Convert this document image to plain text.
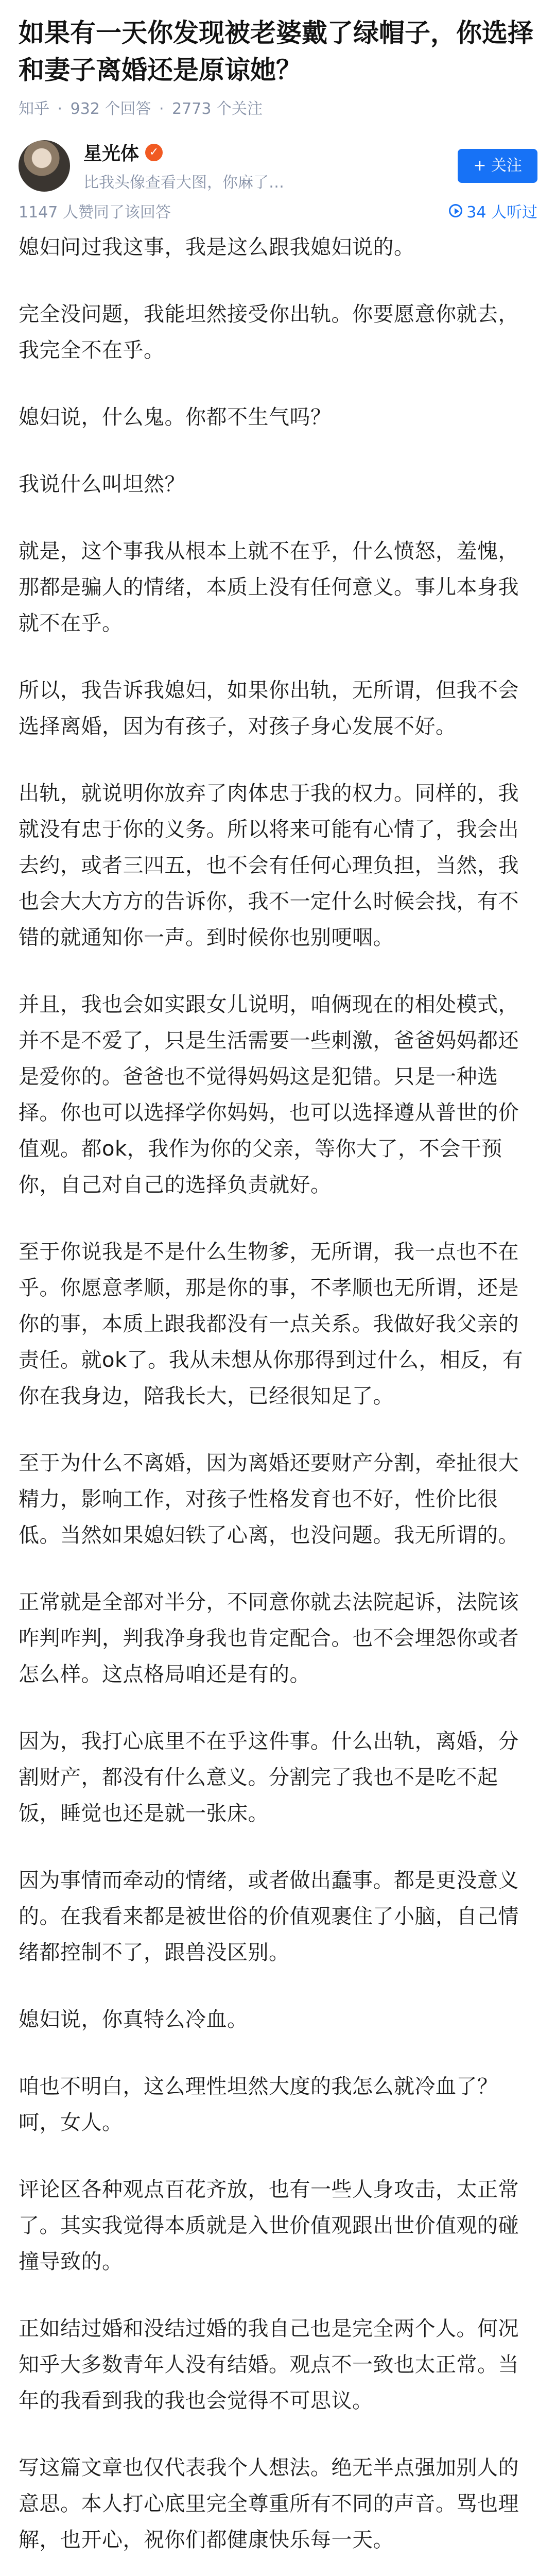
如果有一天你发现被老婆戴了绿帽子，你选择和妻子离婚还是原谅她？
知乎 · 932 个回答 · 2773 个关注
星光体 ✓
比我头像查看大图，你麻了…
+ 关注
1147 人赞同了该回答	34 人听过

媳妇问过我这事，我是这么跟我媳妇说的。

完全没问题，我能坦然接受你出轨。你要愿意你就去，我完全不在乎。

媳妇说，什么鬼。你都不生气吗？

我说什么叫坦然？

就是，这个事我从根本上就不在乎，什么愤怒，羞愧，那都是骗人的情绪，本质上没有任何意义。事儿本身我就不在乎。

所以，我告诉我媳妇，如果你出轨，无所谓，但我不会选择离婚，因为有孩子，对孩子身心发展不好。

出轨，就说明你放弃了肉体忠于我的权力。同样的，我就没有忠于你的义务。所以将来可能有心情了，我会出去约，或者三四五，也不会有任何心理负担，当然，我也会大大方方的告诉你，我不一定什么时候会找，有不错的就通知你一声。到时候你也别哽咽。

并且，我也会如实跟女儿说明，咱俩现在的相处模式，并不是不爱了，只是生活需要一些刺激，爸爸妈妈都还是爱你的。爸爸也不觉得妈妈这是犯错。只是一种选择。你也可以选择学你妈妈，也可以选择遵从普世的价值观。都ok，我作为你的父亲，等你大了，不会干预你，自己对自己的选择负责就好。

至于你说我是不是什么生物爹，无所谓，我一点也不在乎。你愿意孝顺，那是你的事，不孝顺也无所谓，还是你的事，本质上跟我都没有一点关系。我做好我父亲的责任。就ok了。我从未想从你那得到过什么，相反，有你在我身边，陪我长大，已经很知足了。

至于为什么不离婚，因为离婚还要财产分割，牵扯很大精力，影响工作，对孩子性格发育也不好，性价比很低。当然如果媳妇铁了心离，也没问题。我无所谓的。

正常就是全部对半分，不同意你就去法院起诉，法院该咋判咋判，判我净身我也肯定配合。也不会埋怨你或者怎么样。这点格局咱还是有的。

因为，我打心底里不在乎这件事。什么出轨，离婚，分割财产，都没有什么意义。分割完了我也不是吃不起饭，睡觉也还是就一张床。

因为事情而牵动的情绪，或者做出蠢事。都是更没意义的。在我看来都是被世俗的价值观裹住了小脑，自己情绪都控制不了，跟兽没区别。

媳妇说，你真特么冷血。

咱也不明白，这么理性坦然大度的我怎么就冷血了？呵，女人。

评论区各种观点百花齐放，也有一些人身攻击，太正常了。其实我觉得本质就是入世价值观跟出世价值观的碰撞导致的。

正如结过婚和没结过婚的我自己也是完全两个人。何况知乎大多数青年人没有结婚。观点不一致也太正常。当年的我看到我的我也会觉得不可思议。

写这篇文章也仅代表我个人想法。绝无半点强加别人的意思。本人打心底里完全尊重所有不同的声音。骂也理解，也开心，祝你们都健康快乐每一天。
